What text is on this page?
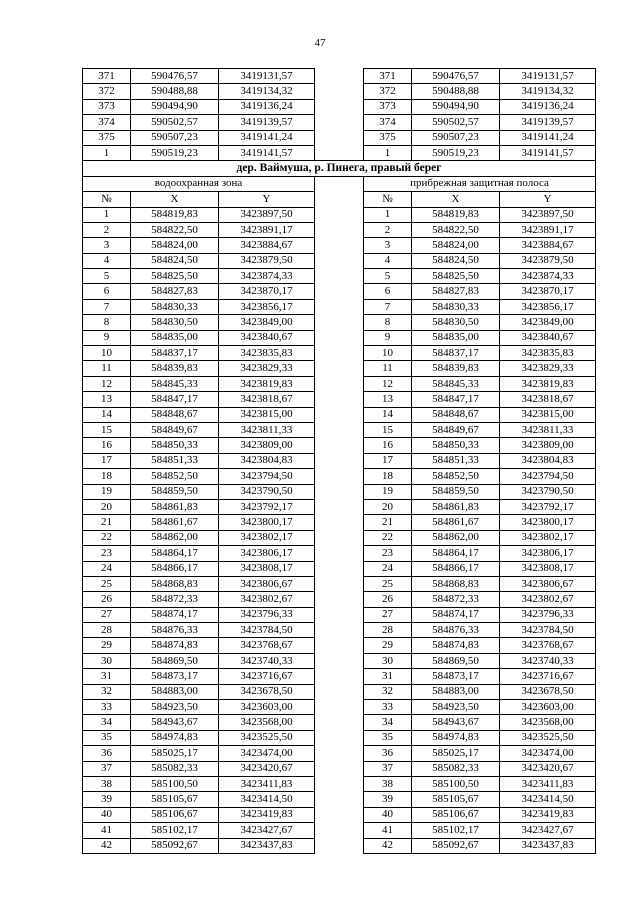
47
371	590476,57	3419131,57		371	590476,57	3419131,57
372	590488,88	3419134,32		372	590488,88	3419134,32
373	590494,90	3419136,24		373	590494,90	3419136,24
374	590502,57	3419139,57		374	590502,57	3419139,57
375	590507,23	3419141,24		375	590507,23	3419141,24
1	590519,23	3419141,57		1	590519,23	3419141,57
дер. Ваймуша, р. Пинега, правый берег						
водоохранная зона				прибрежная защитная полоса		
№	X	Y		№	X	Y
1	584819,83	3423897,50		1	584819,83	3423897,50
2	584822,50	3423891,17		2	584822,50	3423891,17
3	584824,00	3423884,67		3	584824,00	3423884,67
4	584824,50	3423879,50		4	584824,50	3423879,50
5	584825,50	3423874,33		5	584825,50	3423874,33
6	584827,83	3423870,17		6	584827,83	3423870,17
7	584830,33	3423856,17		7	584830,33	3423856,17
8	584830,50	3423849,00		8	584830,50	3423849,00
9	584835,00	3423840,67		9	584835,00	3423840,67
10	584837,17	3423835,83		10	584837,17	3423835,83
11	584839,83	3423829,33		11	584839,83	3423829,33
12	584845,33	3423819,83		12	584845,33	3423819,83
13	584847,17	3423818,67		13	584847,17	3423818,67
14	584848,67	3423815,00		14	584848,67	3423815,00
15	584849,67	3423811,33		15	584849,67	3423811,33
16	584850,33	3423809,00		16	584850,33	3423809,00
17	584851,33	3423804,83		17	584851,33	3423804,83
18	584852,50	3423794,50		18	584852,50	3423794,50
19	584859,50	3423790,50		19	584859,50	3423790,50
20	584861,83	3423792,17		20	584861,83	3423792,17
21	584861,67	3423800,17		21	584861,67	3423800,17
22	584862,00	3423802,17		22	584862,00	3423802,17
23	584864,17	3423806,17		23	584864,17	3423806,17
24	584866,17	3423808,17		24	584866,17	3423808,17
25	584868,83	3423806,67		25	584868,83	3423806,67
26	584872,33	3423802,67		26	584872,33	3423802,67
27	584874,17	3423796,33		27	584874,17	3423796,33
28	584876,33	3423784,50		28	584876,33	3423784,50
29	584874,83	3423768,67		29	584874,83	3423768,67
30	584869,50	3423740,33		30	584869,50	3423740,33
31	584873,17	3423716,67		31	584873,17	3423716,67
32	584883,00	3423678,50		32	584883,00	3423678,50
33	584923,50	3423603,00		33	584923,50	3423603,00
34	584943,67	3423568,00		34	584943,67	3423568,00
35	584974,83	3423525,50		35	584974,83	3423525,50
36	585025,17	3423474,00		36	585025,17	3423474,00
37	585082,33	3423420,67		37	585082,33	3423420,67
38	585100,50	3423411,83		38	585100,50	3423411,83
39	585105,67	3423414,50		39	585105,67	3423414,50
40	585106,67	3423419,83		40	585106,67	3423419,83
41	585102,17	3423427,67		41	585102,17	3423427,67
42	585092,67	3423437,83		42	585092,67	3423437,83
